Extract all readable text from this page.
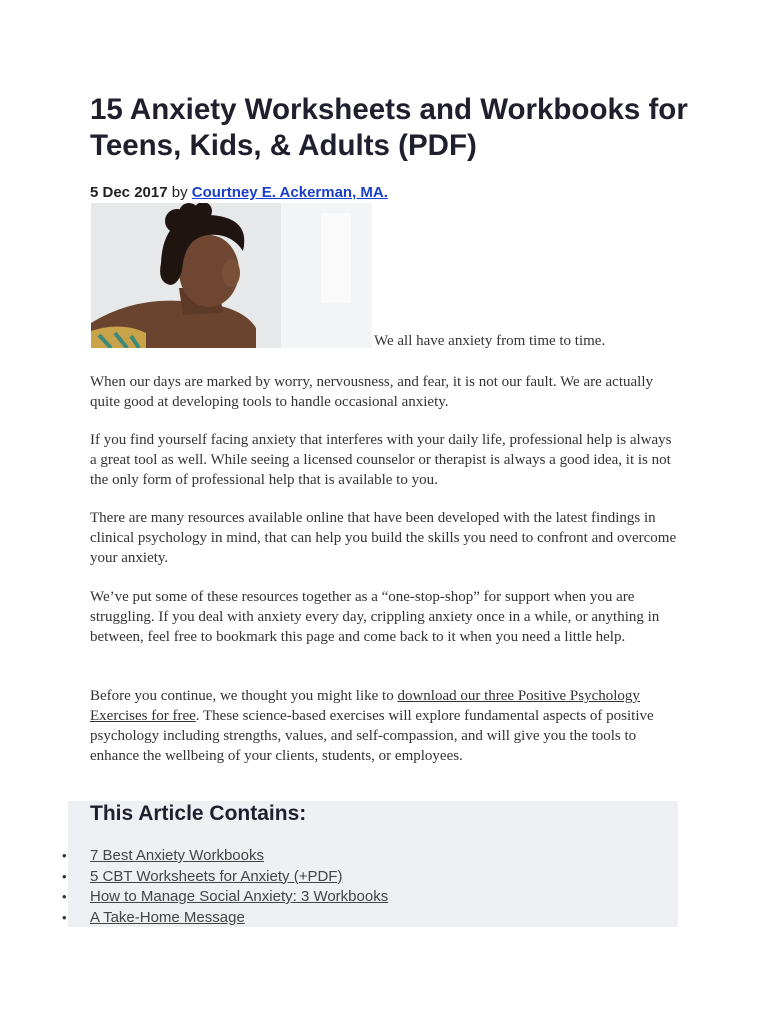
15 Anxiety Worksheets and Workbooks for Teens, Kids, & Adults (PDF)
5 Dec 2017 by Courtney E. Ackerman, MA.
We all have anxiety from time to time.

When our days are marked by worry, nervousness, and fear, it is not our fault. We are actually quite good at developing tools to handle occasional anxiety.

If you find yourself facing anxiety that interferes with your daily life, professional help is always a great tool as well. While seeing a licensed counselor or therapist is always a good idea, it is not the only form of professional help that is available to you.

There are many resources available online that have been developed with the latest findings in clinical psychology in mind, that can help you build the skills you need to confront and overcome your anxiety.

We’ve put some of these resources together as a “one-stop-shop” for support when you are struggling. If you deal with anxiety every day, crippling anxiety once in a while, or anything in between, feel free to bookmark this page and come back to it when you need a little help.

Before you continue, we thought you might like to download our three Positive Psychology Exercises for free. These science-based exercises will explore fundamental aspects of positive psychology including strengths, values, and self-compassion, and will give you the tools to enhance the wellbeing of your clients, students, or employees.

This Article Contains:
• 7 Best Anxiety Workbooks
• 5 CBT Worksheets for Anxiety (+PDF)
• How to Manage Social Anxiety: 3 Workbooks
• A Take-Home Message
